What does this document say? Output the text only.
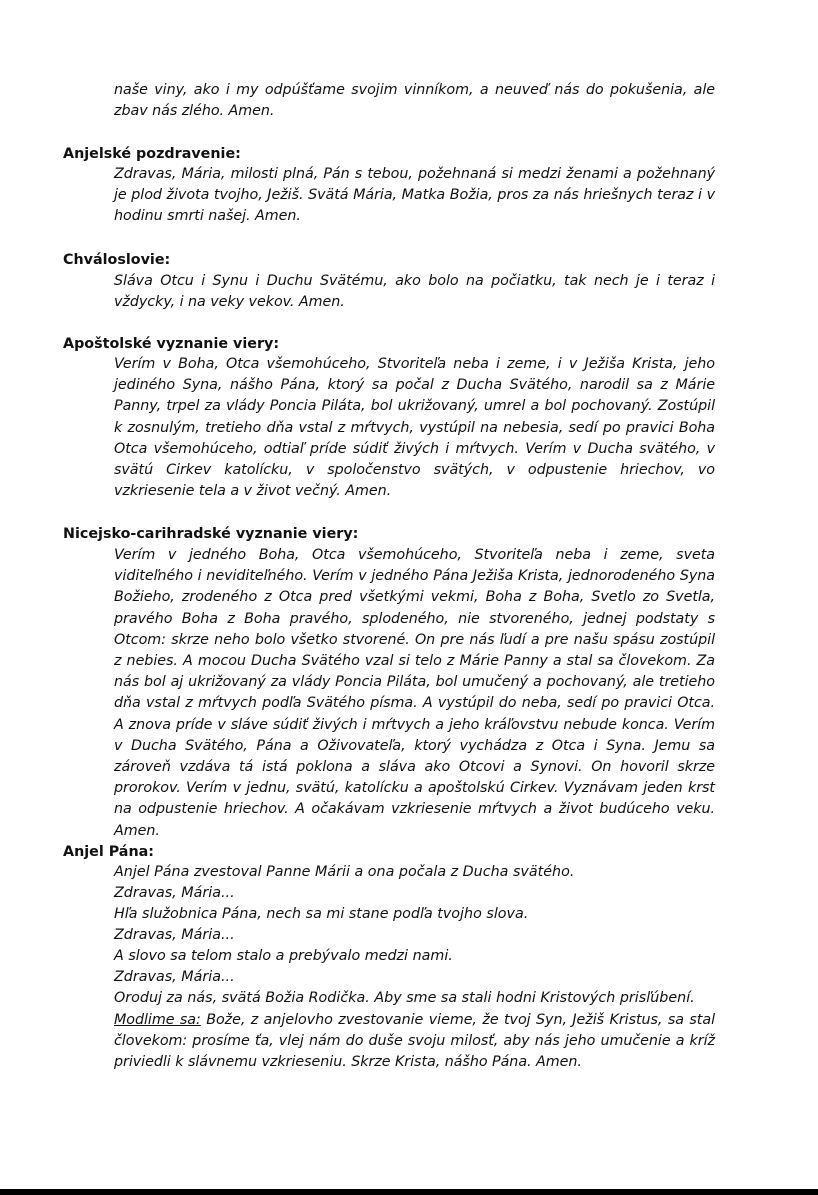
naše viny, ako i my odpúšťame svojim vinníkom, a neuveď nás do pokušenia, ale zbav nás zlého. Amen.
Anjelské pozdravenie:
Zdravas, Mária, milosti plná, Pán s tebou, požehnaná si medzi ženami a požehnaný je plod života tvojho, Ježiš. Svätá Mária, Matka Božia, pros za nás hriešnych teraz i v hodinu smrti našej. Amen.
Chváloslovie:
Sláva Otcu i Synu i Duchu Svätému, ako bolo na počiatku, tak nech je i teraz i vždycky, i na veky vekov. Amen.
Apoštolské vyznanie viery:
Verím v Boha, Otca všemohúceho, Stvoriteľa neba i zeme, i v Ježiša Krista, jeho jediného Syna, nášho Pána, ktorý sa počal z Ducha Svätého, narodil sa z Márie Panny, trpel za vlády Poncia Piláta, bol ukrižovaný, umrel a bol pochovaný. Zostúpil k zosnulým, tretieho dňa vstal z mŕtvych, vystúpil na nebesia, sedí po pravici Boha Otca všemohúceho, odtiaľ príde súdiť živých i mŕtvych. Verím v Ducha svätého, v svätú Cirkev katolícku, v spoločenstvo svätých, v odpustenie hriechov, vo vzkriesenie tela a v život večný. Amen.
Nicejsko-carihradské vyznanie viery:
Verím v jedného Boha, Otca všemohúceho, Stvoriteľa neba i zeme, sveta viditeľného i neviditeľného. Verím v jedného Pána Ježiša Krista, jednorodeného Syna Božieho, zrodeného z Otca pred všetkými vekmi, Boha z Boha, Svetlo zo Svetla, pravého Boha z Boha pravého, splodeného, nie stvoreného, jednej podstaty s Otcom: skrze neho bolo všetko stvorené. On pre nás ľudí a pre našu spásu zostúpil z nebies. A mocou Ducha Svätého vzal si telo z Márie Panny a stal sa človekom. Za nás bol aj ukrižovaný za vlády Poncia Piláta, bol umučený a pochovaný, ale tretieho dňa vstal z mŕtvych podľa Svätého písma. A vystúpil do neba, sedí po pravici Otca. A znova príde v sláve súdiť živých i mŕtvych a jeho kráľovstvu nebude konca. Verím v Ducha Svätého, Pána a Oživovateľa, ktorý vychádza z Otca i Syna. Jemu sa zároveň vzdáva tá istá poklona a sláva ako Otcovi a Synovi. On hovoril skrze prorokov. Verím v jednu, svätú, katolícku a apoštolskú Cirkev. Vyznávam jeden krst na odpustenie hriechov. A očakávam vzkriesenie mŕtvych a život budúceho veku. Amen.
Anjel Pána:
Anjel Pána zvestoval Panne Márii a ona počala z Ducha svätého.
Zdravas, Mária...
Hľa služobnica Pána, nech sa mi stane podľa tvojho slova.
Zdravas, Mária...
A slovo sa telom stalo a prebývalo medzi nami.
Zdravas, Mária...
Oroduj za nás, svätá Božia Rodička. Aby sme sa stali hodni Kristových prisľúbení.
Modlime sa: Bože, z anjelovho zvestovanie vieme, že tvoj Syn, Ježiš Kristus, sa stal človekom: prosíme ťa, vlej nám do duše svoju milosť, aby nás jeho umučenie a kríž priviedli k slávnemu vzkrieseniu. Skrze Krista, nášho Pána. Amen.
